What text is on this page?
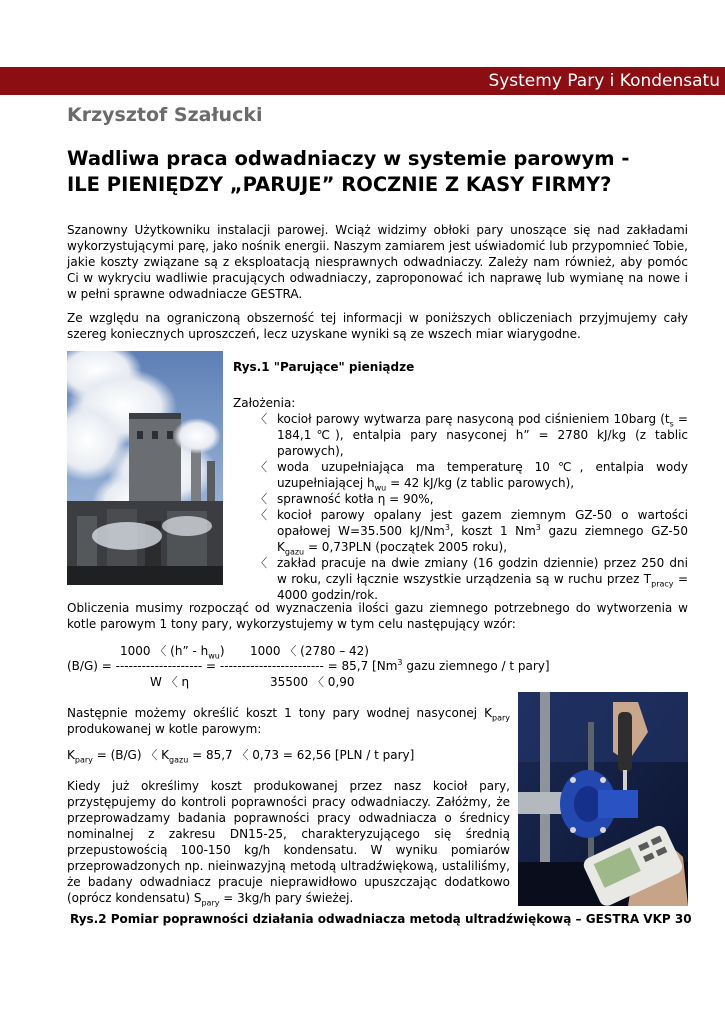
Systemy Pary i Kondensatu
Krzysztof Szałucki
Wadliwa praca odwadniaczy w systemie parowym -
ILE PIENIĘDZY „PARUJE” ROCZNIE Z KASY FIRMY?

Szanowny Użytkowniku instalacji parowej. Wciąż widzimy obłoki pary unoszące się nad zakładami wykorzystującymi parę, jako nośnik energii. Naszym zamiarem jest uświadomić lub przypomnieć Tobie, jakie koszty związane są z eksploatacją niesprawnych odwadniaczy. Zależy nam również, aby pomóc Ci w wykryciu wadliwie pracujących odwadniaczy, zaproponować ich naprawę lub wymianę na nowe i w pełni sprawne odwadniacze GESTRA.

Ze względu na ograniczoną obszerność tej informacji w poniższych obliczeniach przyjmujemy cały szereg koniecznych uproszczeń, lecz uzyskane wyniki są ze wszech miar wiarygodne.

Rys.1 "Parujące" pieniądze
Założenia:
〈 kocioł parowy wytwarza parę nasyconą pod ciśnieniem 10barg ($t_s$ = 184,1℃), entalpia pary nasyconej h” = 2780 kJ/kg (z tablic parowych),
〈 woda uzupełniająca ma temperaturę 10℃, entalpia wody uzupełniającej $h_{wu} = 42$ kJ/kg (z tablic parowych),
〈 sprawność kotła η = 90%,
〈 kocioł parowy opalany jest gazem ziemnym GZ-50 o wartości opałowej W=35.500 kJ/Nm$^3$, koszt 1 Nm$^3$ gazu ziemnego GZ-50 $K_{gazu} = 0,73PLN$ (początek 2005 roku),
〈 zakład pracuje na dwie zmiany (16 godzin dziennie) przez 250 dni w roku, czyli łącznie wszystkie urządzenia są w ruchu przez $T_{pracy} = 4000$ godzin/rok.

Obliczenia musimy rozpocząć od wyznaczenia ilości gazu ziemnego potrzebnego do wytworzenia w kotle parowym 1 tony pary, wykorzystujemy w tym celu następujący wzór:

1000 〈 (h” - $h_{wu}$) 1000 〈 (2780 – 42)
(B/G) = -------------------- = ------------------------ = 85,7 [Nm$^3$ gazu ziemnego / t pary]
W 〈 η	35500 〈 0,90

Następnie możemy określić koszt 1 tony pary wodnej nasyconej $K_{pary}$ produkowanej w kotle parowym:

$K_{pary} = (B/G)$ 〈 $K_{gazu} = 85,7$ 〈 0,73 = 62,56 [PLN / t pary]

Kiedy już określimy koszt produkowanej przez nasz kocioł pary, przystępujemy do kontroli poprawności pracy odwadniaczy. Załóżmy, że przeprowadzamy badania poprawności pracy odwadniacza o średnicy nominalnej z zakresu DN15-25, charakteryzującego się średnią przepustowością 100-150 kg/h kondensatu. W wyniku pomiarów przeprowadzonych np. nieinwazyjną metodą ultradźwiękową, ustaliliśmy, że badany odwadniacz pracuje nieprawidłowo upuszczając dodatkowo (oprócz kondensatu) $S_{pary} = 3kg/h$ pary świeżej.

Rys.2 Pomiar poprawności działania odwadniacza metodą ultradźwiękową – GESTRA VKP 30
